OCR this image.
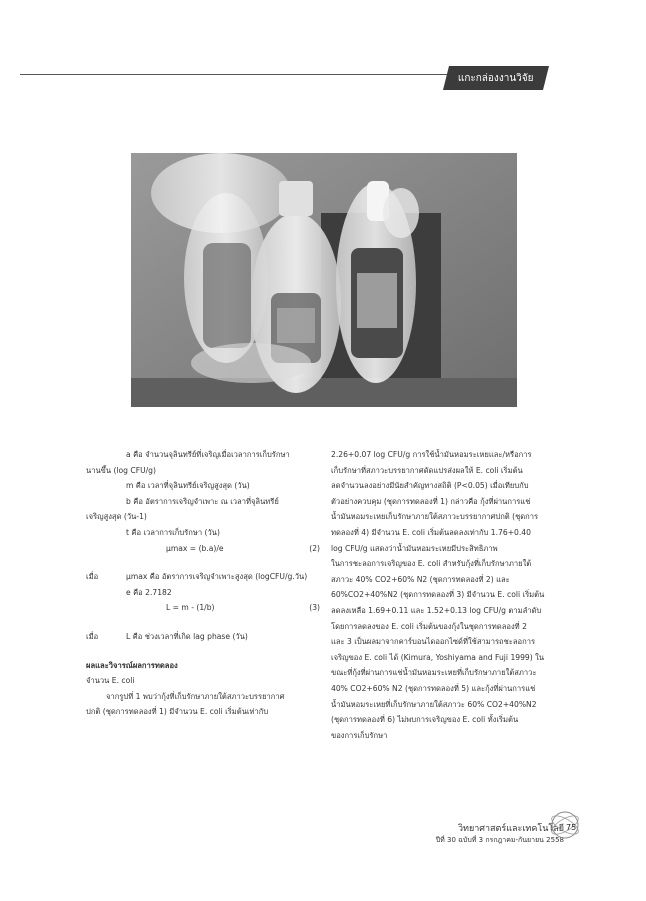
แกะกล่องงานวิจัย

a คือ จำนวนจุลินทรีย์ที่เจริญเมื่อเวลาการเก็บรักษา

นานขึ้น (log CFU/g)

m คือ เวลาที่จุลินทรีย์เจริญสูงสุด (วัน)

b คือ อัตราการเจริญจำเพาะ ณ เวลาที่จุลินทรีย์

เจริญสูงสุด (วัน-1)

t คือ เวลาการเก็บรักษา (วัน)

µmax = (b.a)/e	(2)
เมื่อ	µmax คือ อัตราการเจริญจำเพาะสูงสุด (logCFU/g.วัน)

e คือ 2.7182

L = m - (1/b)	(3)
เมื่อ	L คือ ช่วงเวลาที่เกิด lag phase (วัน)

ผลและวิจารณ์ผลการทดลอง

จำนวน E. coli

จากรูปที่ 1 พบว่ากุ้งที่เก็บรักษาภายใต้สภาวะบรรยากาศ

ปกติ (ชุดการทดลองที่ 1) มีจำนวน E. coli เริ่มต้นเท่ากับ

2.26+0.07 log CFU/g การใช้น้ำมันหอมระเหยและ/หรือการ

เก็บรักษาที่สภาวะบรรยากาศดัดแปรส่งผลให้ E. coli เริ่มต้น

ลดจำนวนลงอย่างมีนัยสำคัญทางสถิติ (P<0.05) เมื่อเทียบกับ

ตัวอย่างควบคุม (ชุดการทดลองที่ 1) กล่าวคือ กุ้งที่ผ่านการแช่

น้ำมันหอมระเหยเก็บรักษาภายใต้สภาวะบรรยากาศปกติ (ชุดการ

ทดลองที่ 4) มีจำนวน E. coli เริ่มต้นลดลงเท่ากับ 1.76+0.40

log CFU/g แสดงว่าน้ำมันหอมระเหยมีประสิทธิภาพ

ในการชะลอการเจริญของ E. coli สำหรับกุ้งที่เก็บรักษาภายใต้

สภาวะ 40% CO2+60% N2 (ชุดการทดลองที่ 2) และ

60%CO2+40%N2 (ชุดการทดลองที่ 3) มีจำนวน E. coli เริ่มต้น

ลดลงเหลือ 1.69+0.11 และ 1.52+0.13 log CFU/g ตามลำดับ

โดยการลดลงของ E. coli เริ่มต้นของกุ้งในชุดการทดลองที่ 2

และ 3 เป็นผลมาจากคาร์บอนไดออกไซด์ที่ใช้สามารถชะลอการ

เจริญของ E. coli ได้ (Kimura, Yoshiyama and Fuji 1999) ใน

ขณะที่กุ้งที่ผ่านการแช่น้ำมันหอมระเหยที่เก็บรักษาภายใต้สภาวะ

40% CO2+60% N2 (ชุดการทดลองที่ 5) และกุ้งที่ผ่านการแช่

น้ำมันหอมระเหยที่เก็บรักษาภายใต้สภาวะ 60% CO2+40%N2

(ชุดการทดลองที่ 6) ไม่พบการเจริญของ E. coli ทั้งเริ่มต้น

ของการเก็บรักษา

วิทยาศาสตร์และเทคโนโลยี
ปีที่ 30 ฉบับที่ 3 กรกฎาคม-กันยายน 2558
75
